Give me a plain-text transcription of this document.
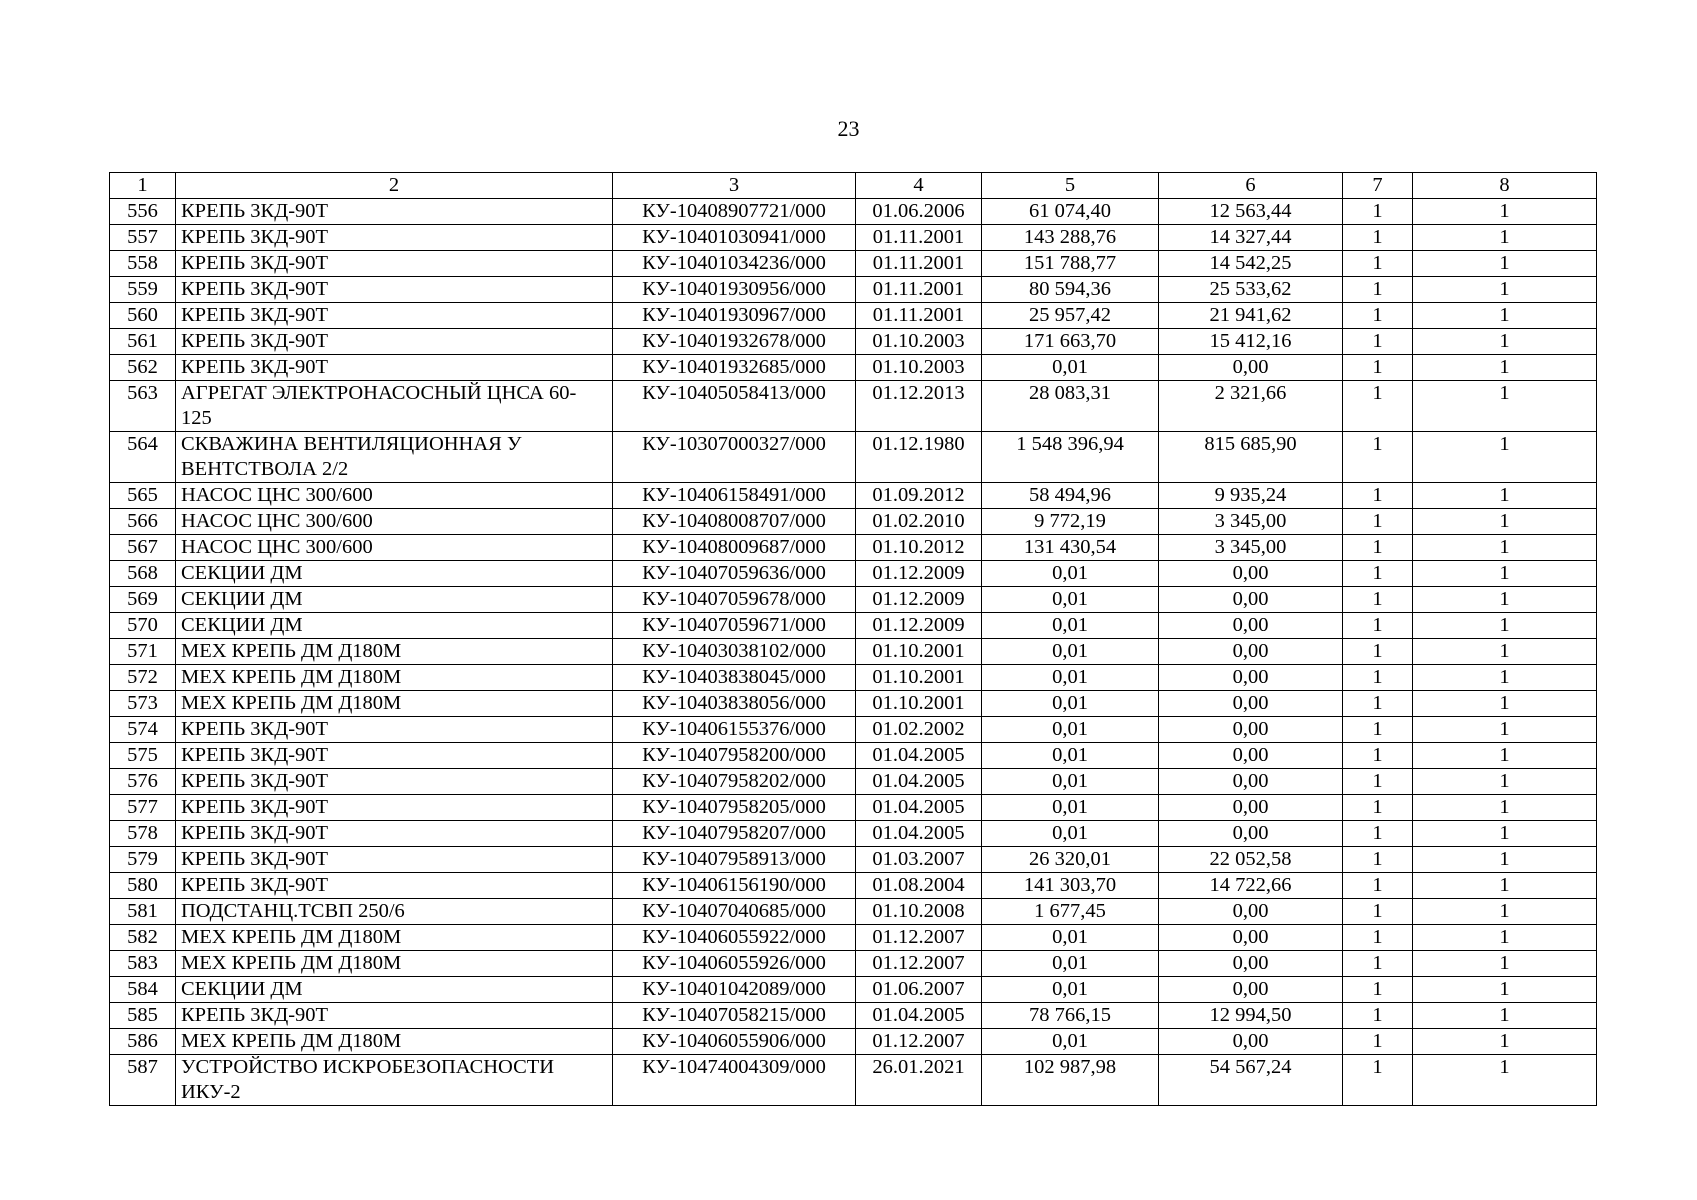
23
1	2	3	4	5	6	7	8
556	КРЕПЬ 3КД-90Т	КУ-10408907721/000	01.06.2006	61 074,40	12 563,44	1	1
557	КРЕПЬ 3КД-90Т	КУ-10401030941/000	01.11.2001	143 288,76	14 327,44	1	1
558	КРЕПЬ 3КД-90Т	КУ-10401034236/000	01.11.2001	151 788,77	14 542,25	1	1
559	КРЕПЬ 3КД-90Т	КУ-10401930956/000	01.11.2001	80 594,36	25 533,62	1	1
560	КРЕПЬ 3КД-90Т	КУ-10401930967/000	01.11.2001	25 957,42	21 941,62	1	1
561	КРЕПЬ 3КД-90Т	КУ-10401932678/000	01.10.2003	171 663,70	15 412,16	1	1
562	КРЕПЬ 3КД-90Т	КУ-10401932685/000	01.10.2003	0,01	0,00	1	1
563	АГРЕГАТ ЭЛЕКТРОНАСОСНЫЙ ЦНСА 60-125	КУ-10405058413/000	01.12.2013	28 083,31	2 321,66	1	1
564	СКВАЖИНА ВЕНТИЛЯЦИОННАЯ У ВЕНТСТВОЛА 2/2	КУ-10307000327/000	01.12.1980	1 548 396,94	815 685,90	1	1
565	НАСОС ЦНС 300/600	КУ-10406158491/000	01.09.2012	58 494,96	9 935,24	1	1
566	НАСОС ЦНС 300/600	КУ-10408008707/000	01.02.2010	9 772,19	3 345,00	1	1
567	НАСОС ЦНС 300/600	КУ-10408009687/000	01.10.2012	131 430,54	3 345,00	1	1
568	СЕКЦИИ ДМ	КУ-10407059636/000	01.12.2009	0,01	0,00	1	1
569	СЕКЦИИ ДМ	КУ-10407059678/000	01.12.2009	0,01	0,00	1	1
570	СЕКЦИИ ДМ	КУ-10407059671/000	01.12.2009	0,01	0,00	1	1
571	МЕХ КРЕПЬ ДМ Д180М	КУ-10403038102/000	01.10.2001	0,01	0,00	1	1
572	МЕХ КРЕПЬ ДМ Д180М	КУ-10403838045/000	01.10.2001	0,01	0,00	1	1
573	МЕХ КРЕПЬ ДМ Д180М	КУ-10403838056/000	01.10.2001	0,01	0,00	1	1
574	КРЕПЬ 3КД-90Т	КУ-10406155376/000	01.02.2002	0,01	0,00	1	1
575	КРЕПЬ 3КД-90Т	КУ-10407958200/000	01.04.2005	0,01	0,00	1	1
576	КРЕПЬ 3КД-90Т	КУ-10407958202/000	01.04.2005	0,01	0,00	1	1
577	КРЕПЬ 3КД-90Т	КУ-10407958205/000	01.04.2005	0,01	0,00	1	1
578	КРЕПЬ 3КД-90Т	КУ-10407958207/000	01.04.2005	0,01	0,00	1	1
579	КРЕПЬ 3КД-90Т	КУ-10407958913/000	01.03.2007	26 320,01	22 052,58	1	1
580	КРЕПЬ 3КД-90Т	КУ-10406156190/000	01.08.2004	141 303,70	14 722,66	1	1
581	ПОДСТАНЦ.ТСВП 250/6	КУ-10407040685/000	01.10.2008	1 677,45	0,00	1	1
582	МЕХ КРЕПЬ ДМ Д180М	КУ-10406055922/000	01.12.2007	0,01	0,00	1	1
583	МЕХ КРЕПЬ ДМ Д180М	КУ-10406055926/000	01.12.2007	0,01	0,00	1	1
584	СЕКЦИИ ДМ	КУ-10401042089/000	01.06.2007	0,01	0,00	1	1
585	КРЕПЬ 3КД-90Т	КУ-10407058215/000	01.04.2005	78 766,15	12 994,50	1	1
586	МЕХ КРЕПЬ ДМ Д180М	КУ-10406055906/000	01.12.2007	0,01	0,00	1	1
587	УСТРОЙСТВО ИСКРОБЕЗОПАСНОСТИ ИКУ-2	КУ-10474004309/000	26.01.2021	102 987,98	54 567,24	1	1
